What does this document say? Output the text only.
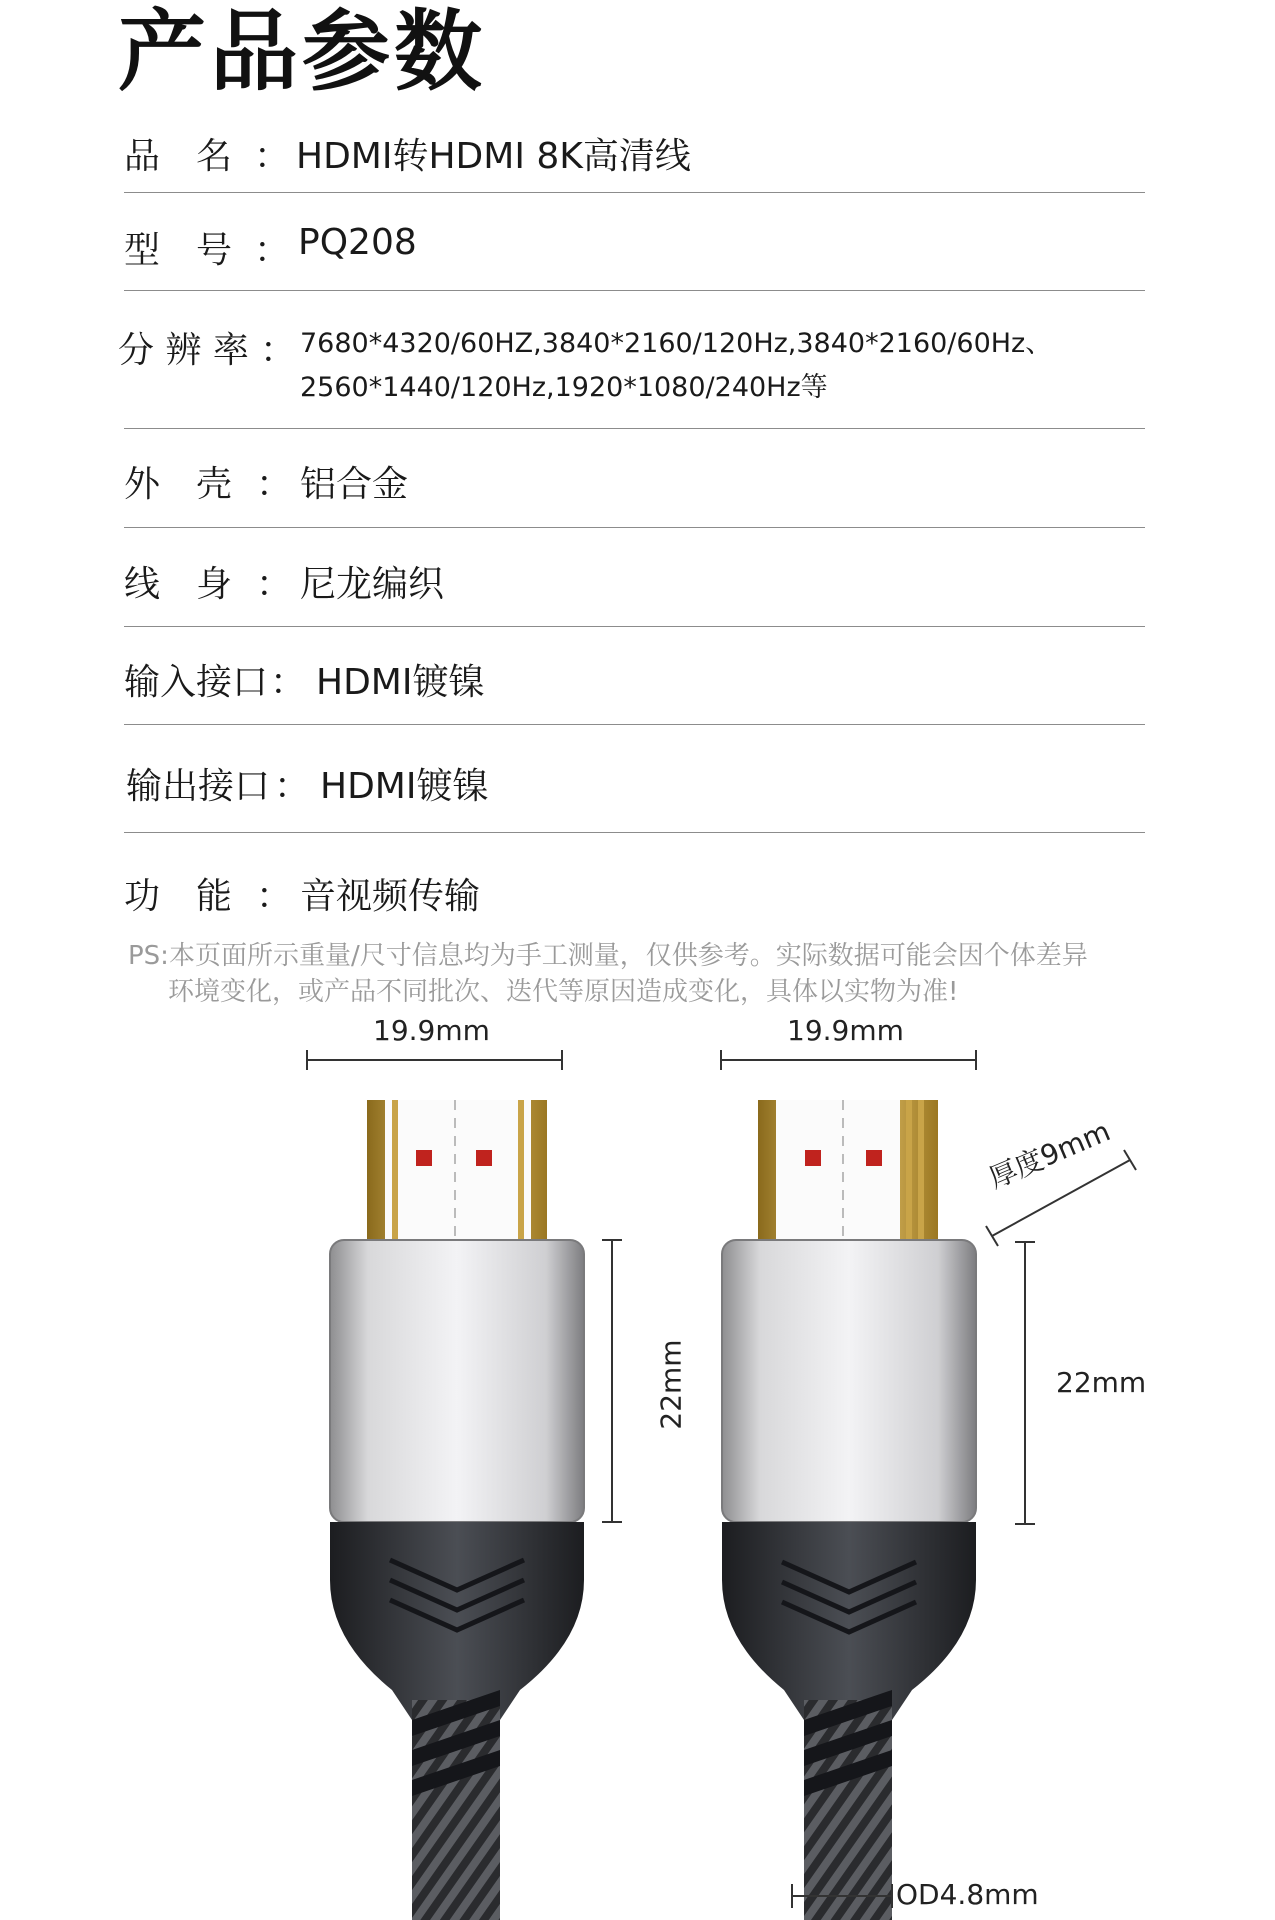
产品参数
品　名 ： HDMI转HDMI 8K高清线
型　号 ： PQ208
分 辨 率 ： 7680*4320/60HZ,3840*2160/120Hz,3840*2160/60Hz、
2560*1440/120Hz,1920*1080/240Hz等
外　壳 ： 铝合金
线　身 ： 尼龙编织
输入接口 ： HDMI镀镍
输出接口 ： HDMI镀镍
功　能 ： 音视频传输
PS:本页面所示重量/尺寸信息均为手工测量，仅供参考。实际数据可能会因个体差异
环境变化，或产品不同批次、迭代等原因造成变化，具体以实物为准!
19.9mm	19.9mm
厚度9mm
22mm	22mm
OD4.8mm
